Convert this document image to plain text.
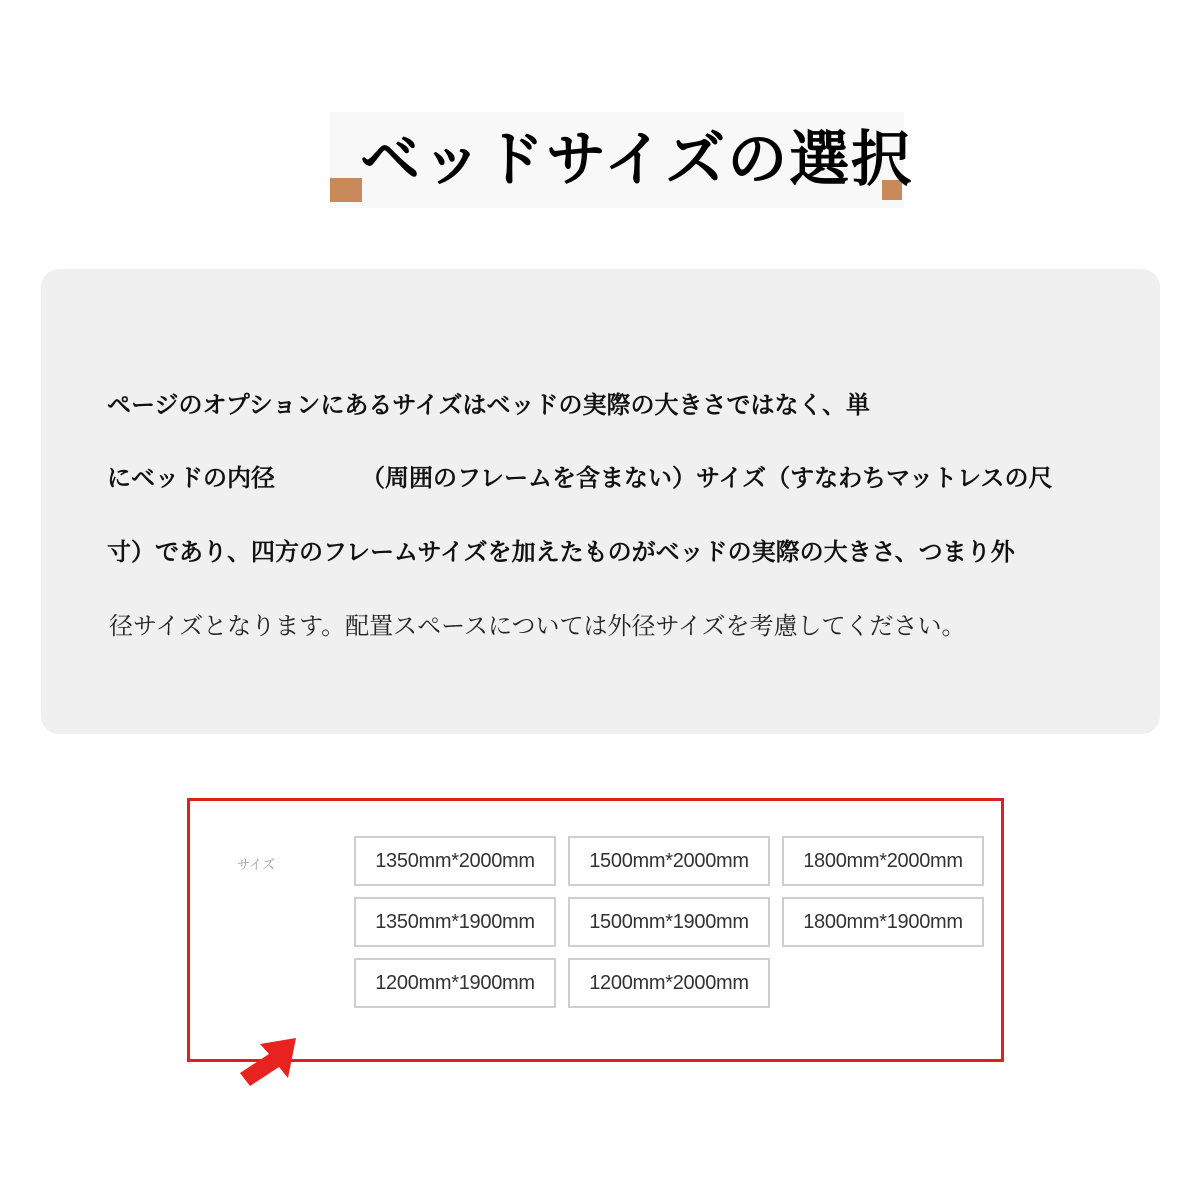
ベッドサイズの選択
ページのオプションにあるサイズはベッドの実際の大きさではなく、単
にベッドの内径	（周囲のフレームを含まない）サイズ（すなわちマットレスの尺
寸）であり、四方のフレームサイズを加えたものがベッドの実際の大きさ、つまり外
径サイズとなります。配置スペースについては外径サイズを考慮してください。
サイズ	1350mm*2000mm	1500mm*2000mm	1800mm*2000mm
1350mm*1900mm	1500mm*1900mm	1800mm*1900mm
1200mm*1900mm	1200mm*2000mm
